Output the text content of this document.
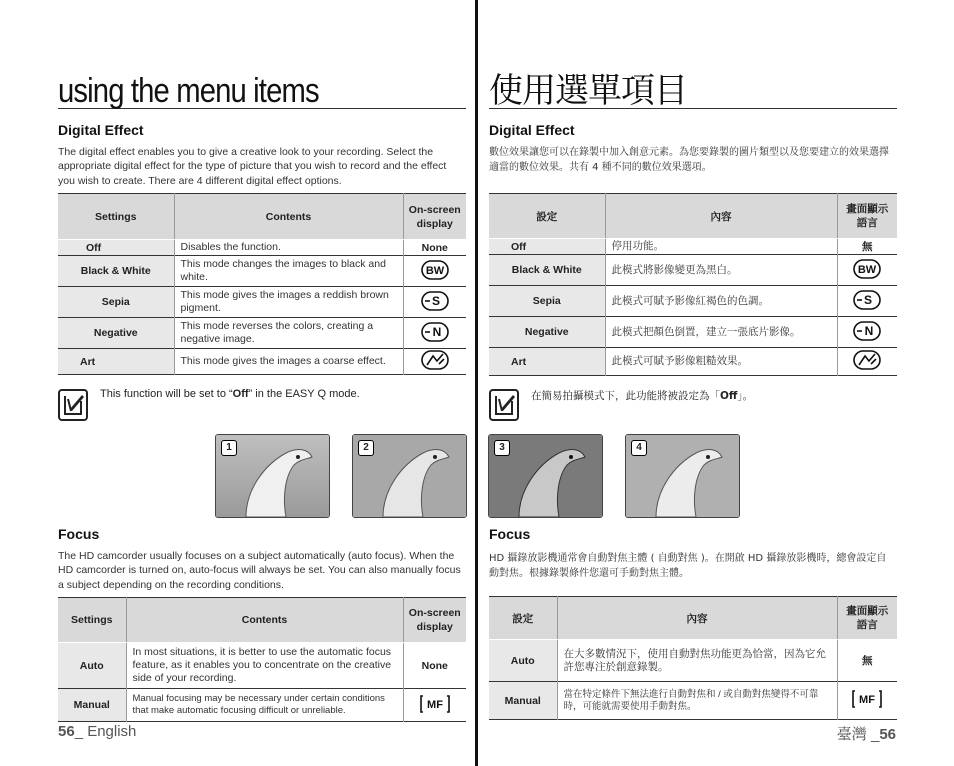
using the menu items
Digital Effect
The digital effect enables you to give a creative look to your recording. Select the appropriate digital effect for the type of picture that you wish to record and the effect you wish to create. There are 4 different digital effect options.
Settings	Contents	On-screen display
Off	Disables the function.	None
Black & White	This mode changes the images to black and white.	BW

Sepia	This mode gives the images a reddish brown pigment.	S

Negative	This mode reverses the colors, creating a negative image.	N

Art	This mode gives the images a coarse effect.	
This function will be set to “Off” in the EASY Q mode.
1	2
Focus
The HD camcorder usually focuses on a subject automatically (auto focus). When the HD camcorder is turned on, auto-focus will always be set. You can also manually focus a subject depending on the recording conditions.
Settings	Contents	On-screen display
Auto	In most situations, it is better to use the automatic focus feature, as it enables you to concentrate on the creative side of your recording.	None
Manual	Manual focusing may be necessary under certain conditions that make automatic focusing difficult or unreliable.	MF
使用選單項目
Digital Effect
數位效果讓您可以在錄製中加入創意元素。為您要錄製的圖片類型以及您要建立的效果選擇適當的數位效果。共有 4 種不同的數位效果選項。
設定	內容	畫面顯示語言
Off	停用功能。	無
Black & White	此模式將影像變更為黑白。	BW

Sepia	此模式可賦予影像紅褐色的色調。	S

Negative	此模式把顏色倒置，建立一張底片影像。	N

Art	此模式可賦予影像粗糙效果。	
在簡易拍攝模式下，此功能將被設定為「Off」。
3	4
Focus
HD 攝錄放影機通常會自動對焦主體 ( 自動對焦 )。在開啟 HD 攝錄放影機時，總會設定自動對焦。根據錄製條件您還可手動對焦主體。
設定	內容	畫面顯示語言
Auto	在大多數情況下，使用自動對焦功能更為恰當，因為它允許您專注於創意錄製。	無
Manual	當在特定條件下無法進行自動對焦和 / 或自動對焦變得不可靠時，可能就需要使用手動對焦。	MF
56_ English	臺灣 _56
